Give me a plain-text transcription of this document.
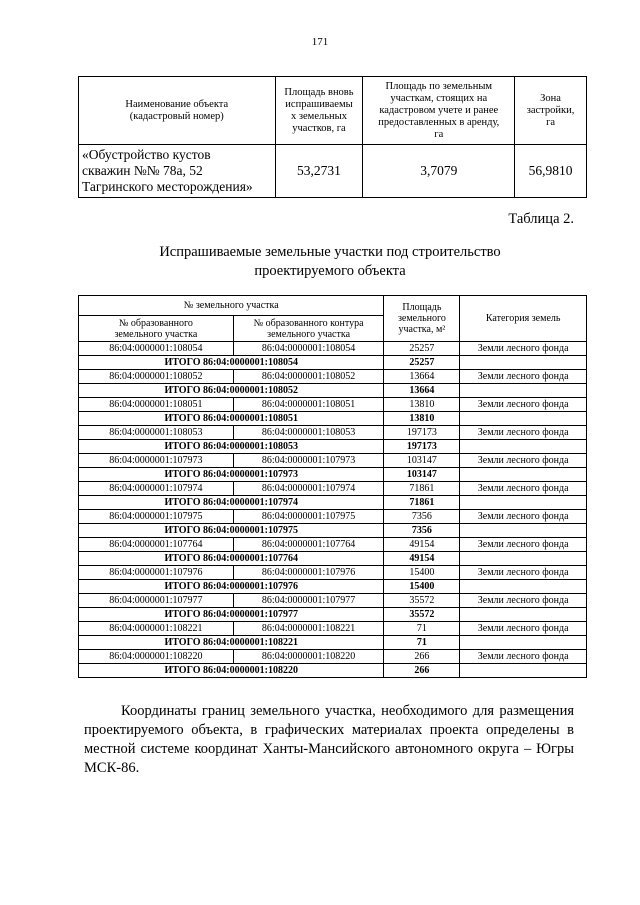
171
Наименование объекта
(кадастровый номер)	Площадь вновь
испрашиваемы
х земельных
участков, га	Площадь по земельным
участкам, стоящих на
кадастровом учете и ранее
предоставленных в аренду,
га	Зона
застройки,
га
«Обустройство кустов
скважин №№ 78а, 52
Тагринского месторождения»	53,2731	3,7079	56,9810
Таблица 2.
Испрашиваемые земельные участки под строительство
проектируемого объекта
№ земельного участка		Площадь
земельного
участка, м²	Категория земель
№ образованного
земельного участка	№ образованного контура
земельного участка		
86:04:0000001:108054	86:04:0000001:108054	25257	Земли лесного фонда
ИТОГО 86:04:0000001:108054		25257	
86:04:0000001:108052	86:04:0000001:108052	13664	Земли лесного фонда
ИТОГО 86:04:0000001:108052		13664	
86:04:0000001:108051	86:04:0000001:108051	13810	Земли лесного фонда
ИТОГО 86:04:0000001:108051		13810	
86:04:0000001:108053	86:04:0000001:108053	197173	Земли лесного фонда
ИТОГО 86:04:0000001:108053		197173	
86:04:0000001:107973	86:04:0000001:107973	103147	Земли лесного фонда
ИТОГО 86:04:0000001:107973		103147	
86:04:0000001:107974	86:04:0000001:107974	71861	Земли лесного фонда
ИТОГО 86:04:0000001:107974		71861	
86:04:0000001:107975	86:04:0000001:107975	7356	Земли лесного фонда
ИТОГО 86:04:0000001:107975		7356	
86:04:0000001:107764	86:04:0000001:107764	49154	Земли лесного фонда
ИТОГО 86:04:0000001:107764		49154	
86:04:0000001:107976	86:04:0000001:107976	15400	Земли лесного фонда
ИТОГО 86:04:0000001:107976		15400	
86:04:0000001:107977	86:04:0000001:107977	35572	Земли лесного фонда
ИТОГО 86:04:0000001:107977		35572	
86:04:0000001:108221	86:04:0000001:108221	71	Земли лесного фонда
ИТОГО 86:04:0000001:108221		71	
86:04:0000001:108220	86:04:0000001:108220	266	Земли лесного фонда
ИТОГО 86:04:0000001:108220		266	
Координаты границ земельного участка, необходимого для размещения проектируемого объекта, в графических материалах проекта определены в местной системе координат Ханты-Мансийского автономного округа – Югры МСК-86.
